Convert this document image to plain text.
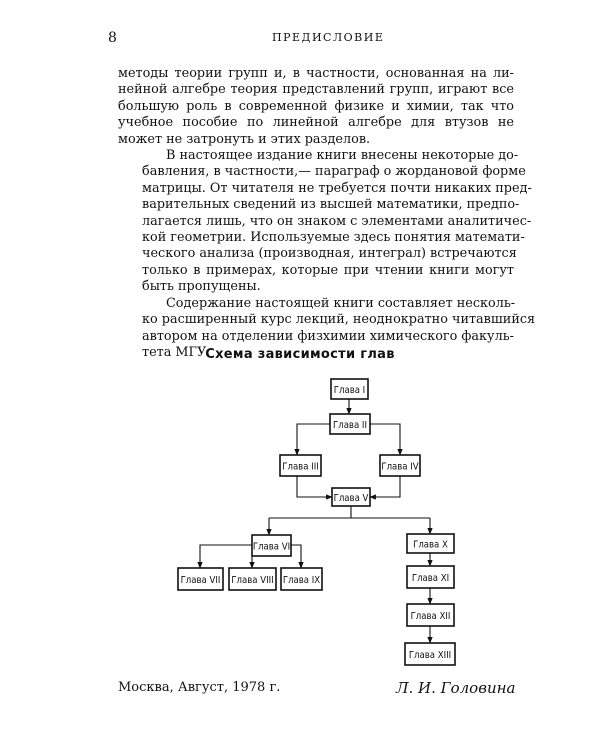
8	ПРЕДИСЛОВИЕ

методы теории групп и, в частности, основанная на ли-
нейной алгебре теория представлений групп, играют все
большую роль в современной физике и химии, так что
учебное пособие по линейной алгебре для втузов не
может не затронуть и этих разделов.

В настоящее издание книги внесены некоторые до-
бавления, в частности,— параграф о жордановой форме
матрицы. От читателя не требуется почти никаких пред-
варительных сведений из высшей математики, предпо-
лагается лишь, что он знаком с элементами аналитичес-
кой геометрии. Используемые здесь понятия математи-
ческого анализа (производная, интеграл) встречаются
только в примерах, которые при чтении книги могут
быть пропущены.

Содержание настоящей книги составляет несколь-
ко расширенный курс лекций, неоднократно читавшийся
автором на отделении физхимии химического факуль-
тета МГУ.

Схема зависимости глав
Глава I
Глава II
Глава III	Глава IV
Глава V
Глава VI
Глава VII Глава VIII Глава IX
Глава X
Глава XI
Глава XII
Глава XIII
Москва, Август, 1978 г.	Л. И. Головина
